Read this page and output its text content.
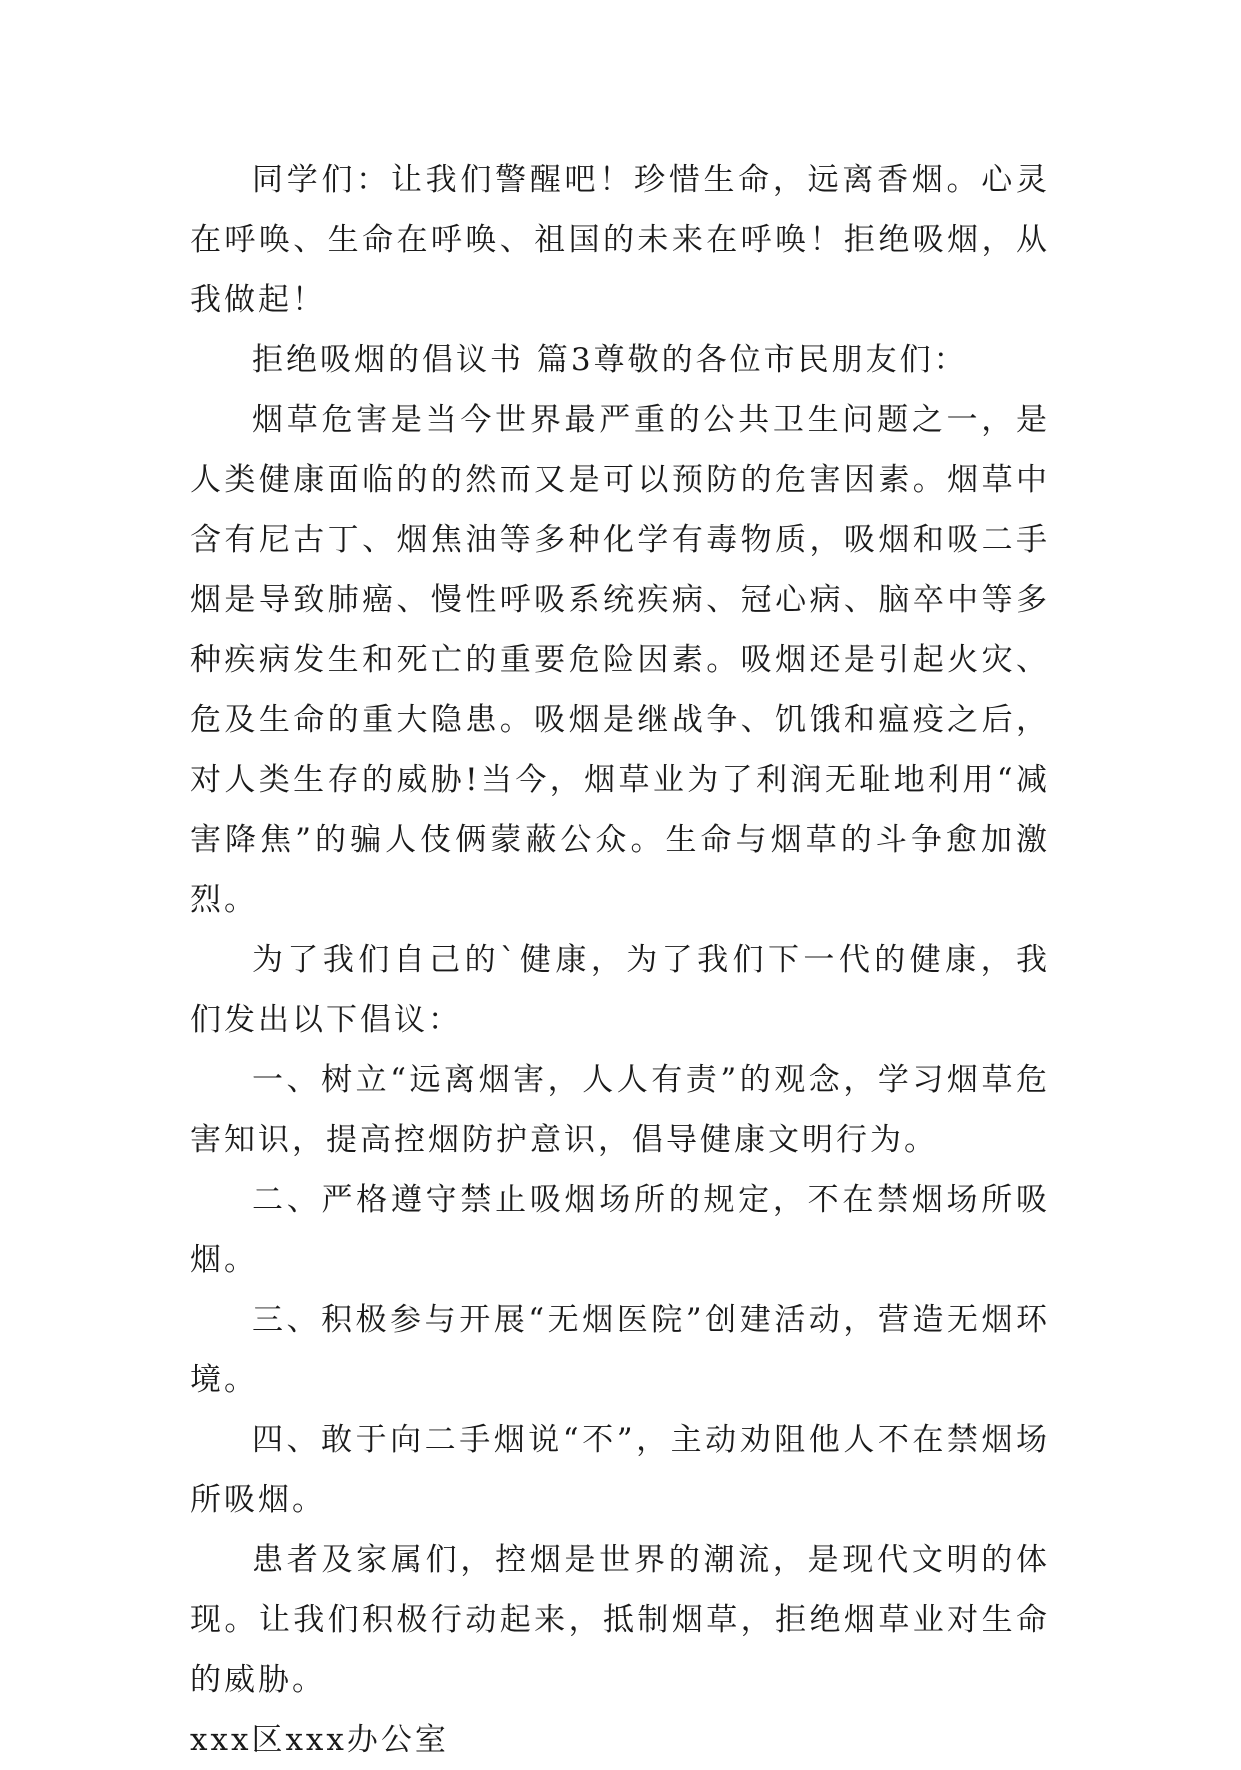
同学们：让我们警醒吧！珍惜生命，远离香烟。心灵在呼唤、生命在呼唤、祖国的未来在呼唤！拒绝吸烟，从我做起！

拒绝吸烟的倡议书 篇3尊敬的各位市民朋友们：

烟草危害是当今世界最严重的公共卫生问题之一，是人类健康面临的的然而又是可以预防的危害因素。烟草中含有尼古丁、烟焦油等多种化学有毒物质，吸烟和吸二手烟是导致肺癌、慢性呼吸系统疾病、冠心病、脑卒中等多种疾病发生和死亡的重要危险因素。吸烟还是引起火灾、危及生命的重大隐患。吸烟是继战争、饥饿和瘟疫之后，对人类生存的威胁!当今，烟草业为了利润无耻地利用“减害降焦”的骗人伎俩蒙蔽公众。生命与烟草的斗争愈加激烈。

为了我们自己的`健康，为了我们下一代的健康，我们发出以下倡议：

一、树立“远离烟害，人人有责”的观念，学习烟草危害知识，提高控烟防护意识，倡导健康文明行为。

二、严格遵守禁止吸烟场所的规定，不在禁烟场所吸烟。

三、积极参与开展“无烟医院”创建活动，营造无烟环境。

四、敢于向二手烟说“不”，主动劝阻他人不在禁烟场所吸烟。

患者及家属们，控烟是世界的潮流，是现代文明的体现。让我们积极行动起来，抵制烟草，拒绝烟草业对生命的威胁。

xxx区xxx办公室
